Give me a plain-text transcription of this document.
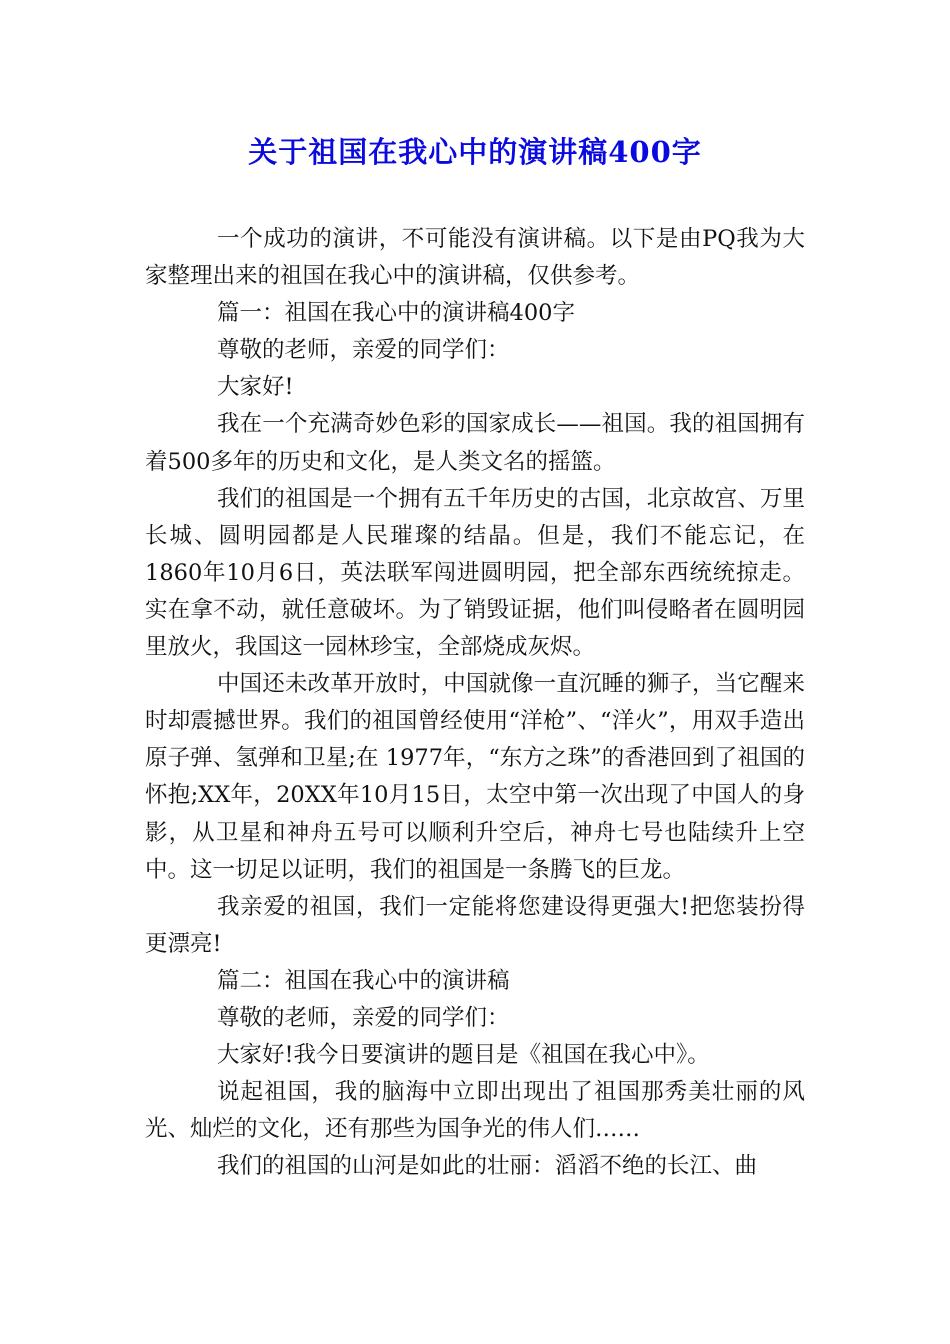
关于祖国在我心中的演讲稿400字

一个成功的演讲，不可能没有演讲稿。以下是由PQ我为大家整理出来的祖国在我心中的演讲稿，仅供参考。

篇一：祖国在我心中的演讲稿400字

尊敬的老师，亲爱的同学们：

大家好!

我在一个充满奇妙色彩的国家成长——祖国。我的祖国拥有着500多年的历史和文化，是人类文名的摇篮。

我们的祖国是一个拥有五千年历史的古国，北京故宫、万里长城、圆明园都是人民璀璨的结晶。但是，我们不能忘记，在1860年10月6日，英法联军闯进圆明园，把全部东西统统掠走。实在拿不动，就任意破坏。为了销毁证据，他们叫侵略者在圆明园里放火，我国这一园林珍宝，全部烧成灰烬。

中国还未改革开放时，中国就像一直沉睡的狮子，当它醒来时却震撼世界。我们的祖国曾经使用“洋枪”、“洋火”，用双手造出原子弹、氢弹和卫星;在 1977年，“东方之珠”的香港回到了祖国的怀抱;XX年，20XX年10月15日，太空中第一次出现了中国人的身影，从卫星和神舟五号可以顺利升空后，神舟七号也陆续升上空中。这一切足以证明，我们的祖国是一条腾飞的巨龙。

我亲爱的祖国，我们一定能将您建设得更强大!把您装扮得更漂亮!

篇二：祖国在我心中的演讲稿

尊敬的老师，亲爱的同学们：

大家好!我今日要演讲的题目是《祖国在我心中》。

说起祖国，我的脑海中立即出现出了祖国那秀美壮丽的风光、灿烂的文化，还有那些为国争光的伟人们……

我们的祖国的山河是如此的壮丽：滔滔不绝的长江、曲
